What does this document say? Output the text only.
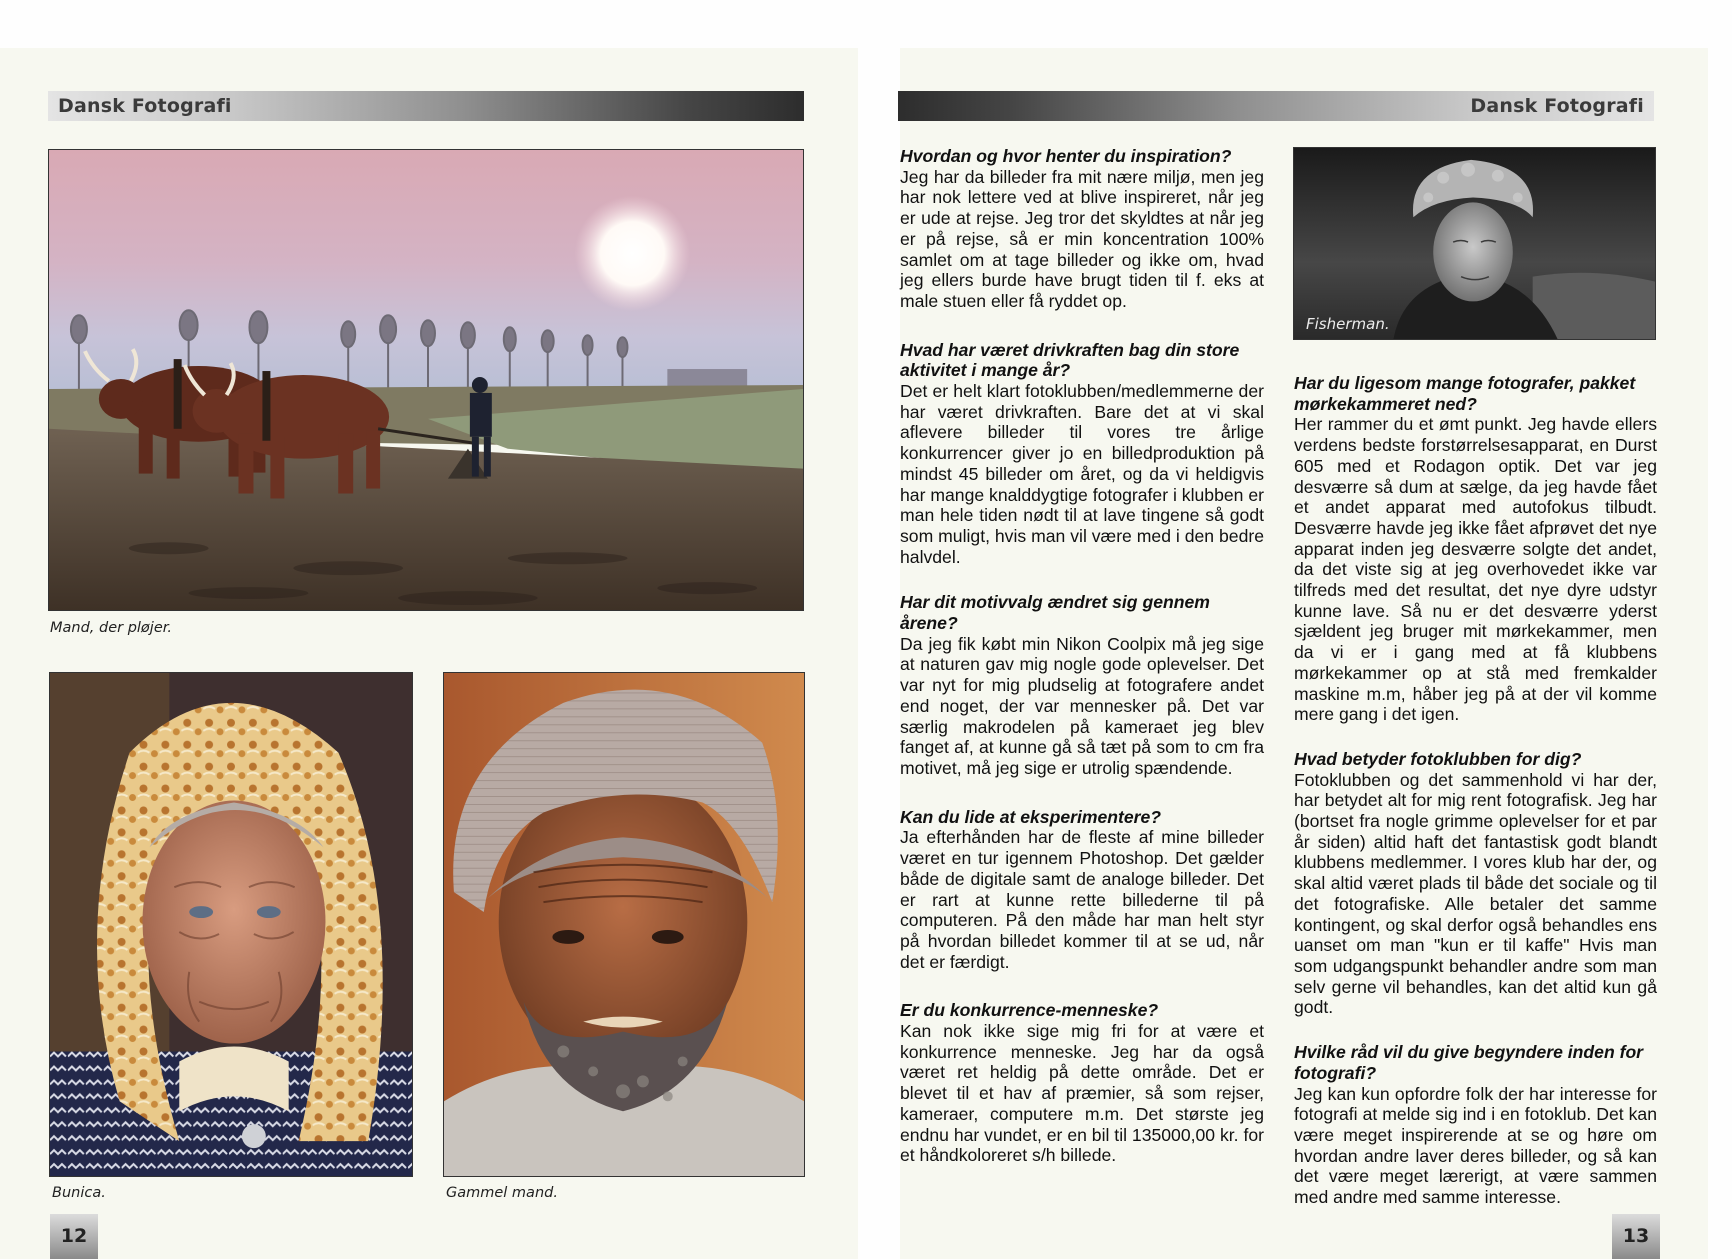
Dansk Fotografi	Dansk Fotografi
Mand, der pløjer.
Bunica.	Gammel mand.
12	13
Hvordan og hvor henter du inspiration?
Jeg har da billeder fra mit nære miljø, men jeg har nok lettere ved at blive inspireret, når jeg er ude at rejse. Jeg tror det skyldtes at når jeg er på rejse, så er min koncentration 100% samlet om at tage billeder og ikke om, hvad jeg ellers burde have brugt tiden til f. eks at male stuen eller få ryddet op.
Hvad har været drivkraften bag din store aktivitet i mange år?
Det er helt klart fotoklubben/medlemmerne der har været drivkraften. Bare det at vi skal aflevere billeder til vores tre årlige konkurrencer giver jo en billedproduktion på mindst 45 billeder om året, og da vi heldigvis har mange knalddygtige fotografer i klubben er man hele tiden nødt til at lave tingene så godt som muligt, hvis man vil være med i den bedre halvdel.
Har dit motivvalg ændret sig gennem årene?
Da jeg fik købt min Nikon Coolpix må jeg sige at naturen gav mig nogle gode oplevelser. Det var nyt for mig pludselig at fotografere andet end noget, der var mennesker på. Det var særlig makrodelen på kameraet jeg blev fanget af, at kunne gå så tæt på som to cm fra motivet, må jeg sige er utrolig spændende.
Kan du lide at eksperimentere?
Ja efterhånden har de fleste af mine billeder været en tur igennem Photoshop. Det gælder både de digitale samt de analoge billeder. Det er rart at kunne rette billederne til på computeren. På den måde har man helt styr på hvordan billedet kommer til at se ud, når det er færdigt.
Er du konkurrence-menneske?
Kan nok ikke sige mig fri for at være et konkurrence menneske. Jeg har da også været ret heldig på dette område. Det er blevet til et hav af præmier, så som rejser, kameraer, computere m.m. Det største jeg endnu har vundet, er en bil til 135000,00 kr. for et håndkoloreret s/h billede.
Fisherman.
Har du ligesom mange fotografer, pakket mørkekammeret ned?
Her rammer du et ømt punkt. Jeg havde ellers verdens bedste forstørrelsesapparat, en Durst 605 med et Rodagon optik. Det var jeg desværre så dum at sælge, da jeg havde fået et andet apparat med autofokus tilbudt. Desværre havde jeg ikke fået afprøvet det nye apparat inden jeg desværre solgte det andet, da det viste sig at jeg overhovedet ikke var tilfreds med det resultat, det nye dyre udstyr kunne lave. Så nu er det desværre yderst sjældent jeg bruger mit mørkekammer, men da vi er i gang med at få klubbens mørkekammer op at stå med fremkalder maskine m.m, håber jeg på at der vil komme mere gang i det igen.
Hvad betyder fotoklubben for dig?
Fotoklubben og det sammenhold vi har der, har betydet alt for mig rent fotografisk. Jeg har (bortset fra nogle grimme oplevelser for et par år siden) altid haft det fantastisk godt blandt klubbens medlemmer. I vores klub har der, og skal altid været plads til både det sociale og til det fotografiske. Alle betaler det samme kontingent, og skal derfor også behandles ens uanset om man "kun er til kaffe" Hvis man som udgangspunkt behandler andre som man selv gerne vil behandles, kan det altid kun gå godt.
Hvilke råd vil du give begyndere inden for fotografi?
Jeg kan kun opfordre folk der har interesse for fotografi at melde sig ind i en fotoklub. Det kan være meget inspirerende at se og høre om hvordan andre laver deres billeder, og så kan det være meget lærerigt, at være sammen med andre med samme interesse.
